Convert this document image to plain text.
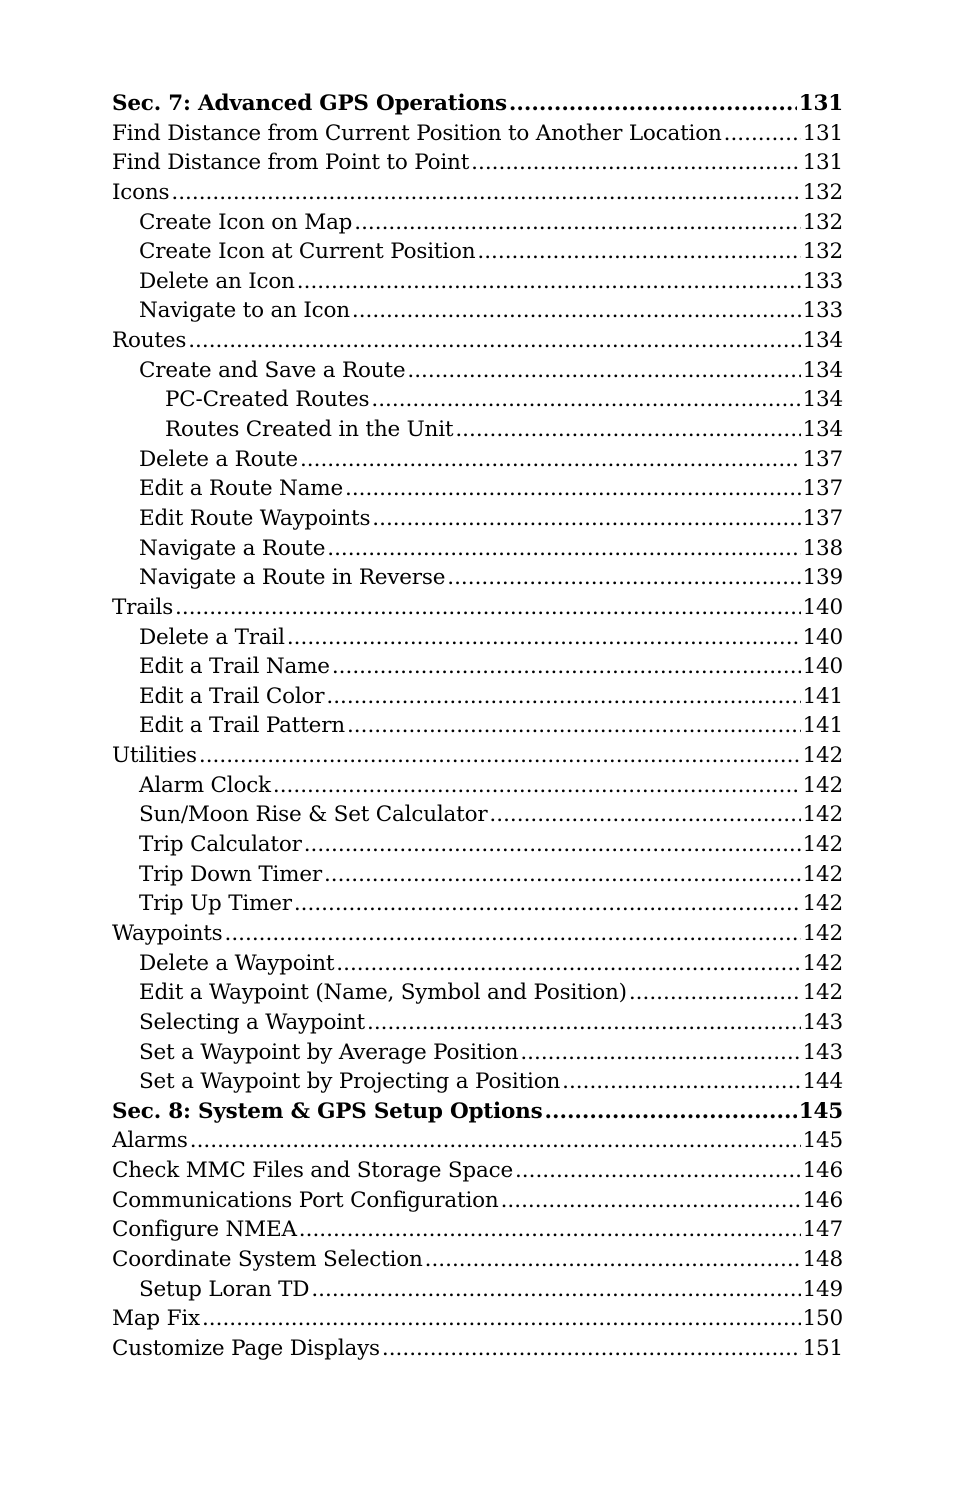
Sec. 7: Advanced GPS Operations .....	131
Find Distance from Current Position to Another Location .....	131
Find Distance from Point to Point .....	131
Icons .....	132
Create Icon on Map .....	132
Create Icon at Current Position .....	132
Delete an Icon .....	133
Navigate to an Icon .....	133
Routes .....	134
Create and Save a Route .....	134
PC-Created Routes .....	134
Routes Created in the Unit .....	134
Delete a Route .....	137
Edit a Route Name .....	137
Edit Route Waypoints .....	137
Navigate a Route .....	138
Navigate a Route in Reverse .....	139
Trails .....	140
Delete a Trail .....	140
Edit a Trail Name .....	140
Edit a Trail Color .....	141
Edit a Trail Pattern .....	141
Utilities .....	142
Alarm Clock .....	142
Sun/Moon Rise & Set Calculator .....	142
Trip Calculator .....	142
Trip Down Timer .....	142
Trip Up Timer .....	142
Waypoints .....	142
Delete a Waypoint .....	142
Edit a Waypoint (Name, Symbol and Position) .....	142
Selecting a Waypoint .....	143
Set a Waypoint by Average Position .....	143
Set a Waypoint by Projecting a Position .....	144
Sec. 8: System & GPS Setup Options .....	145
Alarms .....	145
Check MMC Files and Storage Space .....	146
Communications Port Configuration .....	146
Configure NMEA .....	147
Coordinate System Selection .....	148
Setup Loran TD .....	149
Map Fix .....	150
Customize Page Displays .....	151
